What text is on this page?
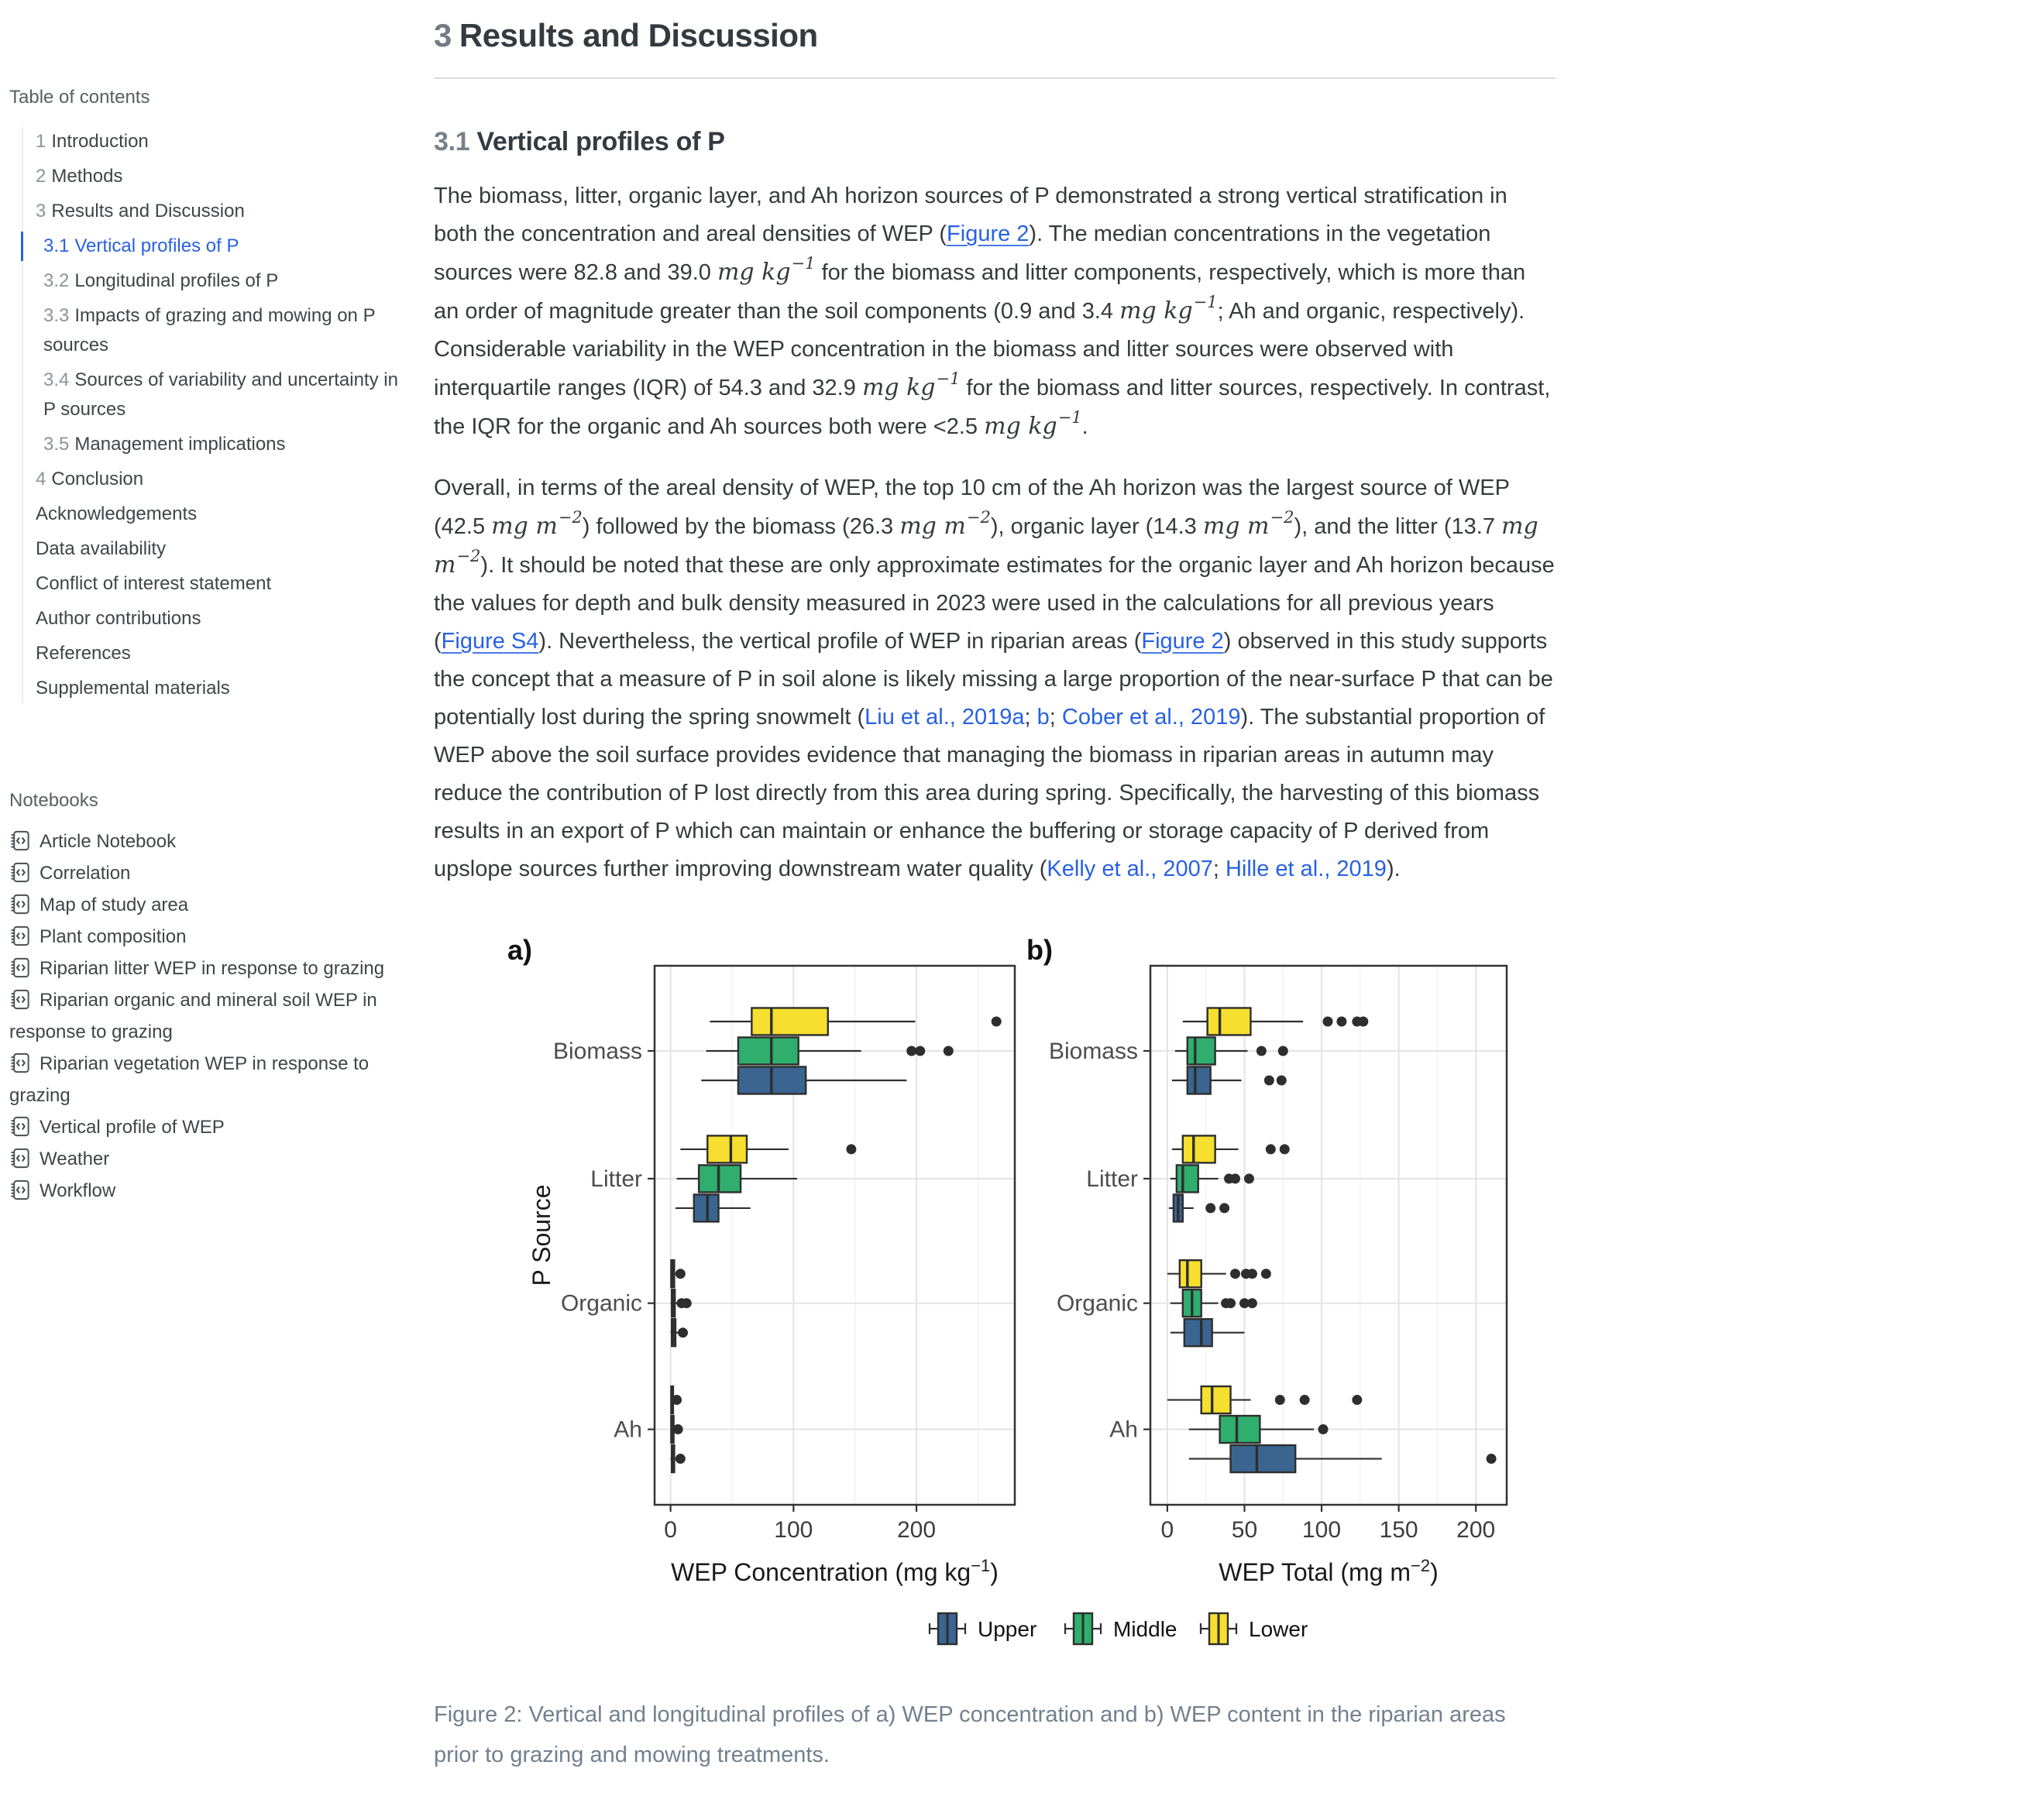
Table of contents
1 Introduction
2 Methods
3 Results and Discussion
3.1 Vertical profiles of P
3.2 Longitudinal profiles of P
3.3 Impacts of grazing and mowing on P sources
3.4 Sources of variability and uncertainty in P sources
3.5 Management implications
4 Conclusion
Acknowledgements
Data availability
Conflict of interest statement
Author contributions
References
Supplemental materials
Notebooks
Article Notebook
Correlation
Map of study area
Plant composition
Riparian litter WEP in response to grazing
Riparian organic and mineral soil WEP in response to grazing
Riparian vegetation WEP in response to grazing
Vertical profile of WEP
Weather
Workflow
3 Results and Discussion
3.1 Vertical profiles of P

The biomass, litter, organic layer, and Ah horizon sources of P demonstrated a strong vertical stratification in both the concentration and areal densities of WEP (Figure 2). The median concentrations in the vegetation sources were 82.8 and 39.0 mg $kg^{-1}$ for the biomass and litter components, respectively, which is more than an order of magnitude greater than the soil components (0.9 and 3.4 mg $kg^{-1}$; Ah and organic, respectively). Considerable variability in the WEP concentration in the biomass and litter sources were observed with interquartile ranges (IQR) of 54.3 and 32.9 mg $kg^{-1}$ for the biomass and litter sources, respectively. In contrast, the IQR for the organic and Ah sources both were <2.5 mg $kg^{-1}$.

Overall, in terms of the areal density of WEP, the top 10 cm of the Ah horizon was the largest source of WEP (42.5 mg $m^{-2}$) followed by the biomass (26.3 mg $m^{-2}$), organic layer (14.3 mg $m^{-2}$), and the litter (13.7 mg $m^{-2}$). It should be noted that these are only approximate estimates for the organic layer and Ah horizon because the values for depth and bulk density measured in 2023 were used in the calculations for all previous years (Figure S4). Nevertheless, the vertical profile of WEP in riparian areas (Figure 2) observed in this study supports the concept that a measure of P in soil alone is likely missing a large proportion of the near-surface P that can be potentially lost during the spring snowmelt (Liu et al., 2019a; b; Cober et al., 2019). The substantial proportion of WEP above the soil surface provides evidence that managing the biomass in riparian areas in autumn may reduce the contribution of P lost directly from this area during spring. Specifically, the harvesting of this biomass results in an export of P which can maintain or enhance the buffering or storage capacity of P derived from upslope sources further improving downstream water quality (Kelly et al., 2007; Hille et al., 2019).

a)
0	100	200
Biomass
Litter
Organic
Ah
WEP Concentration (mg $kg^{-1}$)
P Source
b)
0 50 100 150 200
Biomass
Litter
Organic
Ah
WEP Total (mg $m^{-2}$)
Upper	Middle	Lower
Figure 2: Vertical and longitudinal profiles of a) WEP concentration and b) WEP content in the riparian areas prior to grazing and mowing treatments.
